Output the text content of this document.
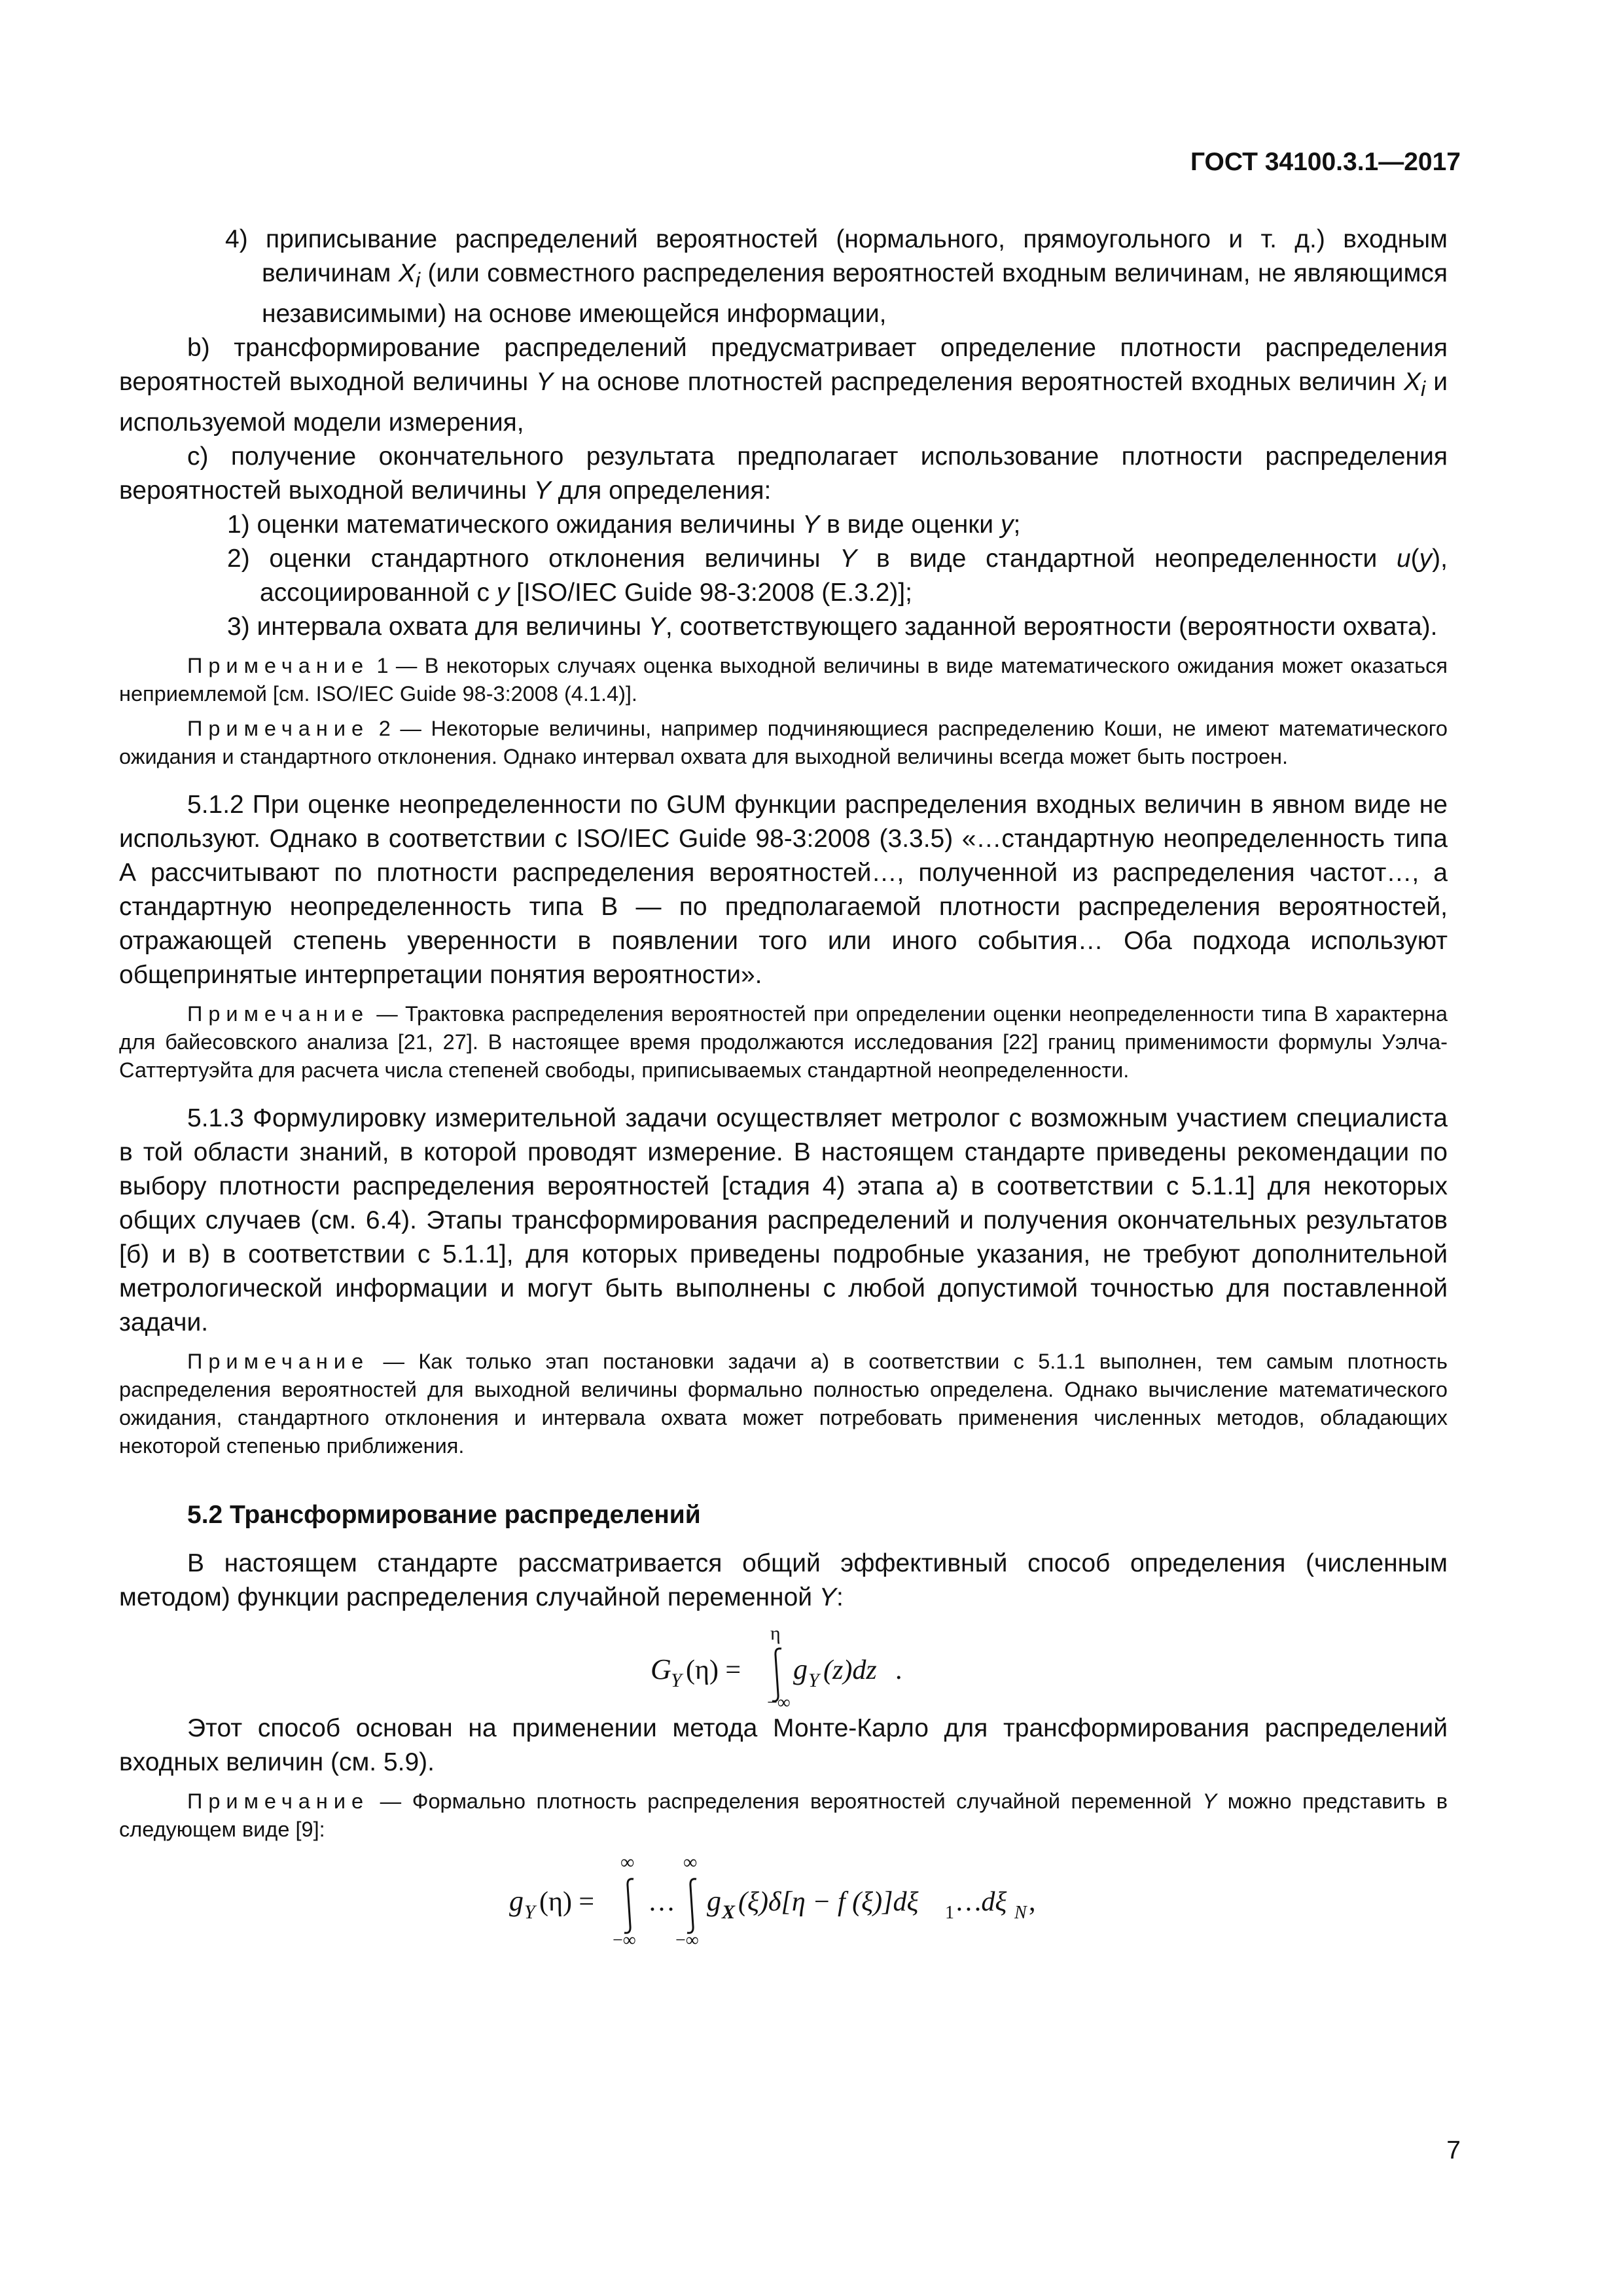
ГОСТ 34100.3.1—2017

4) приписывание распределений вероятностей (нормального, прямоугольного и т. д.) входным величинам $X_i$ (или совместного распределения вероятностей входным величинам, не являющимся независимыми) на основе имеющейся информации,

b) трансформирование распределений предусматривает определение плотности распределения вероятностей выходной величины Y на основе плотностей распределения вероятностей входных величин $X_i$ и используемой модели измерения,

c) получение окончательного результата предполагает использование плотности распределения вероятностей выходной величины Y для определения:

1) оценки математического ожидания величины Y в виде оценки y;

2) оценки стандартного отклонения величины Y в виде стандартной неопределенности u(y), ассоциированной с y [ISO/IEC Guide 98-3:2008 (E.3.2)];

3) интервала охвата для величины Y, соответствующего заданной вероятности (вероятности охвата).

Примечание 1 — В некоторых случаях оценка выходной величины в виде математического ожидания может оказаться неприемлемой [см. ISO/IEC Guide 98-3:2008 (4.1.4)].

Примечание 2 — Некоторые величины, например подчиняющиеся распределению Коши, не имеют математического ожидания и стандартного отклонения. Однако интервал охвата для выходной величины всегда может быть построен.

5.1.2 При оценке неопределенности по GUM функции распределения входных величин в явном виде не используют. Однако в соответствии с ISO/IEC Guide 98-3:2008 (3.3.5) «…стандартную неопределенность типа А рассчитывают по плотности распределения вероятностей…, полученной из распределения частот…, а стандартную неопределенность типа В — по предполагаемой плотности распределения вероятностей, отражающей степень уверенности в появлении того или иного события… Оба подхода используют общепринятые интерпретации понятия вероятности».

Примечание — Трактовка распределения вероятностей при определении оценки неопределенности типа В характерна для байесовского анализа [21, 27]. В настоящее время продолжаются исследования [22] границ применимости формулы Уэлча-Саттертуэйта для расчета числа степеней свободы, приписываемых стандартной неопределенности.

5.1.3 Формулировку измерительной задачи осуществляет метролог с возможным участием специалиста в той области знаний, в которой проводят измерение. В настоящем стандарте приведены рекомендации по выбору плотности распределения вероятностей [стадия 4) этапа а) в соответствии с 5.1.1] для некоторых общих случаев (см. 6.4). Этапы трансформирования распределений и получения окончательных результатов [б) и в) в соответствии с 5.1.1], для которых приведены подробные указания, не требуют дополнительной метрологической информации и могут быть выполнены с любой допустимой точностью для поставленной задачи.

Примечание — Как только этап постановки задачи а) в соответствии с 5.1.1 выполнен, тем самым плотность распределения вероятностей для выходной величины формально полностью определена. Однако вычисление математического ожидания, стандартного отклонения и интервала охвата может потребовать применения численных методов, обладающих некоторой степенью приближения.

5.2 Трансформирование распределений

В настоящем стандарте рассматривается общий эффективный способ определения (численным методом) функции распределения случайной переменной Y:

G Y (η) =
η
−∞
g Y (z)dz .

Этот способ основан на применении метода Монте-Карло для трансформирования распределений входных величин (см. 5.9).

Примечание — Формально плотность распределения вероятностей случайной переменной Y можно представить в следующем виде [9]:

g Y (η) =
∞
−∞
…
∞
−∞
g X (ξ)δ[η − f (ξ)]dξ 1 …dξ N ,
7
